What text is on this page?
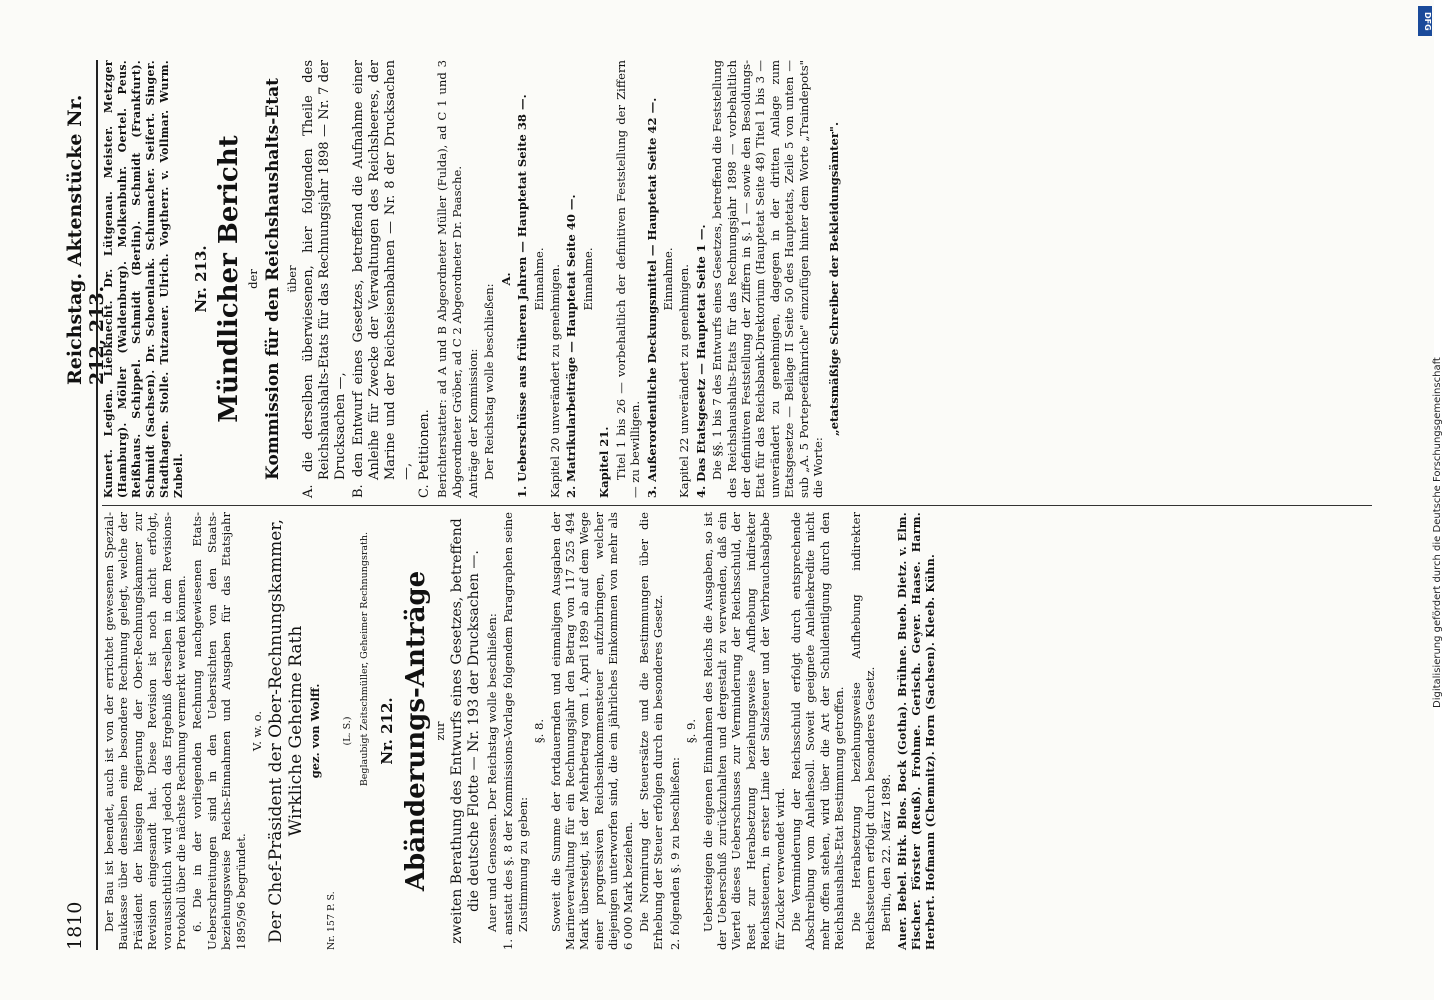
1810
Reichstag. Aktenstücke Nr. 212, 213.

Der Bau ist beendet, auch ist von der errichtet gewesenen Spezial-Baukasse über denselben eine besondere Rechnung gelegt, welche der Präsident der hiesigen Regierung der Ober-Rechnungskammer zur Revision eingesandt hat. Diese Revision ist noch nicht erfolgt, voraussichtlich wird jedoch das Ergebniß derselben in dem Revisions-Protokoll über die nächste Rechnung vermerkt werden können. 6. Die in der vorliegenden Rechnung nachgewiesenen Etats-Ueberschreitungen sind in den Uebersichten von den Staats- beziehungsweise Reichs-Einnahmen und Ausgaben für das Etatsjahr 1895/96 begründet.

V. w. o. Der Chef-Präsident der Ober-Rechnungskammer, Wirkliche Geheime Rath gez. von Wolff.

Nr. 157 P. S.

(L. S.) Beglaubigt Zeitschmüller, Geheimer Rechnungsrath. Nr. 212. Abänderungs-Anträge zur zweiten Berathung des Entwurfs eines Gesetzes, betreffend die deutsche Flotte — Nr. 193 der Drucksachen —. Auer und Genossen. Der Reichstag wolle beschließen: 1. anstatt des §. 8 der Kommissions-Vorlage folgendem Paragraphen seine Zustimmung zu geben:

§. 8. Soweit die Summe der fortdauernden und einmaligen Ausgaben der Marineverwaltung für ein Rechnungsjahr den Betrag von 117 525 494 Mark übersteigt, ist der Mehrbetrag vom 1. April 1899 ab auf dem Wege einer progressiven Reichseinkommensteuer aufzubringen, welcher diejenigen unterworfen sind, die ein jährliches Einkommen von mehr als 6 000 Mark beziehen. Die Normirung der Steuersätze und die Bestimmungen über die Erhebung der Steuer erfolgen durch ein besonderes Gesetz. 2. folgenden §. 9 zu beschließen:

§. 9. Uebersteigen die eigenen Einnahmen des Reichs die Ausgaben, so ist der Ueberschuß zurückzuhalten und dergestalt zu verwenden, daß ein Viertel dieses Ueberschusses zur Verminderung der Reichsschuld, der Rest zur Herabsetzung beziehungsweise Aufhebung indirekter Reichssteuern, in erster Linie der Salzsteuer und der Verbrauchsabgabe für Zucker verwendet wird. Die Verminderung der Reichsschuld erfolgt durch entsprechende Abschreibung vom Anleihesoll. Soweit geeignete Anleihekredite nicht mehr offen stehen, wird über die Art der Schuldentilgung durch den Reichshaushalts-Etat Bestimmung getroffen. Die Herabsetzung beziehungsweise Aufhebung indirekter Reichssteuern erfolgt durch besonderes Gesetz. Berlin, den 22. März 1898. Auer. Bebel. Birk. Blos. Bock (Gotha). Brühne. Bueb. Dietz. v. Elm. Fischer. Förster (Reuß). Frohme. Gerisch. Geyer. Haase. Harm. Herbert. Hofmann (Chemnitz). Horn (Sachsen). Kleeb. Kühn.

Kunert. Legien. Liebknecht. Dr. Lütgenau. Meister. Metzger (Hamburg). Möller (Waldenburg). Molkenbuhr. Oertel. Peus. Reißhaus. Schippel. Schmidt (Berlin). Schmidt (Frankfurt). Schmidt (Sachsen). Dr. Schoenlank. Schumacher. Seifert. Singer. Stadthagen. Stolle. Tutzauer. Ulrich. Vogtherr. v. Vollmar. Wurm. Zubeil.

Nr. 213. Mündlicher Bericht der Kommission für den Reichshaushalts-Etat über A. die derselben überwiesenen, hier folgenden Theile des Reichshaushalts-Etats für das Rechnungsjahr 1898 — Nr. 7 der Drucksachen —, B. den Entwurf eines Gesetzes, betreffend die Aufnahme einer Anleihe für Zwecke der Verwaltungen des Reichsheeres, der Marine und der Reichseisenbahnen — Nr. 8 der Drucksachen —, C. Petitionen. Berichterstatter: ad A und B Abgeordneter Müller (Fulda), ad C 1 und 3 Abgeordneter Gröber, ad C 2 Abgeordneter Dr. Paasche. Anträge der Kommission: Der Reichstag wolle beschließen:

A. 1. Ueberschüsse aus früheren Jahren — Hauptetat Seite 38 —. Einnahme. Kapitel 20 unverändert zu genehmigen. 2. Matrikularbeiträge — Hauptetat Seite 40 —. Einnahme.

Kapitel 21. Titel 1 bis 26 — vorbehaltlich der definitiven Feststellung der Ziffern — zu bewilligen. 3. Außerordentliche Deckungsmittel — Hauptetat Seite 42 —. Einnahme. Kapitel 22 unverändert zu genehmigen. 4. Das Etatsgesetz — Hauptetat Seite 1 —. Die §§. 1 bis 7 des Entwurfs eines Gesetzes, betreffend die Feststellung des Reichshaushalts-Etats für das Rechnungsjahr 1898 — vorbehaltlich der definitiven Feststellung der Ziffern in §. 1 — sowie den Besoldungs-Etat für das Reichsbank-Direktorium (Hauptetat Seite 48) Titel 1 bis 3 — unverändert zu genehmigen, dagegen in der dritten Anlage zum Etatsgesetze — Beilage II Seite 50 des Hauptetats, Zeile 5 von unten — sub „A. 5 Portepeefähnriche" einzufügen hinter dem Worte „Traindepots" die Worte:

„etatsmäßige Schreiber der Bekleidungsämter".

Digitalisierung gefördert durch die Deutsche Forschungsgemeinschaft
DFG
